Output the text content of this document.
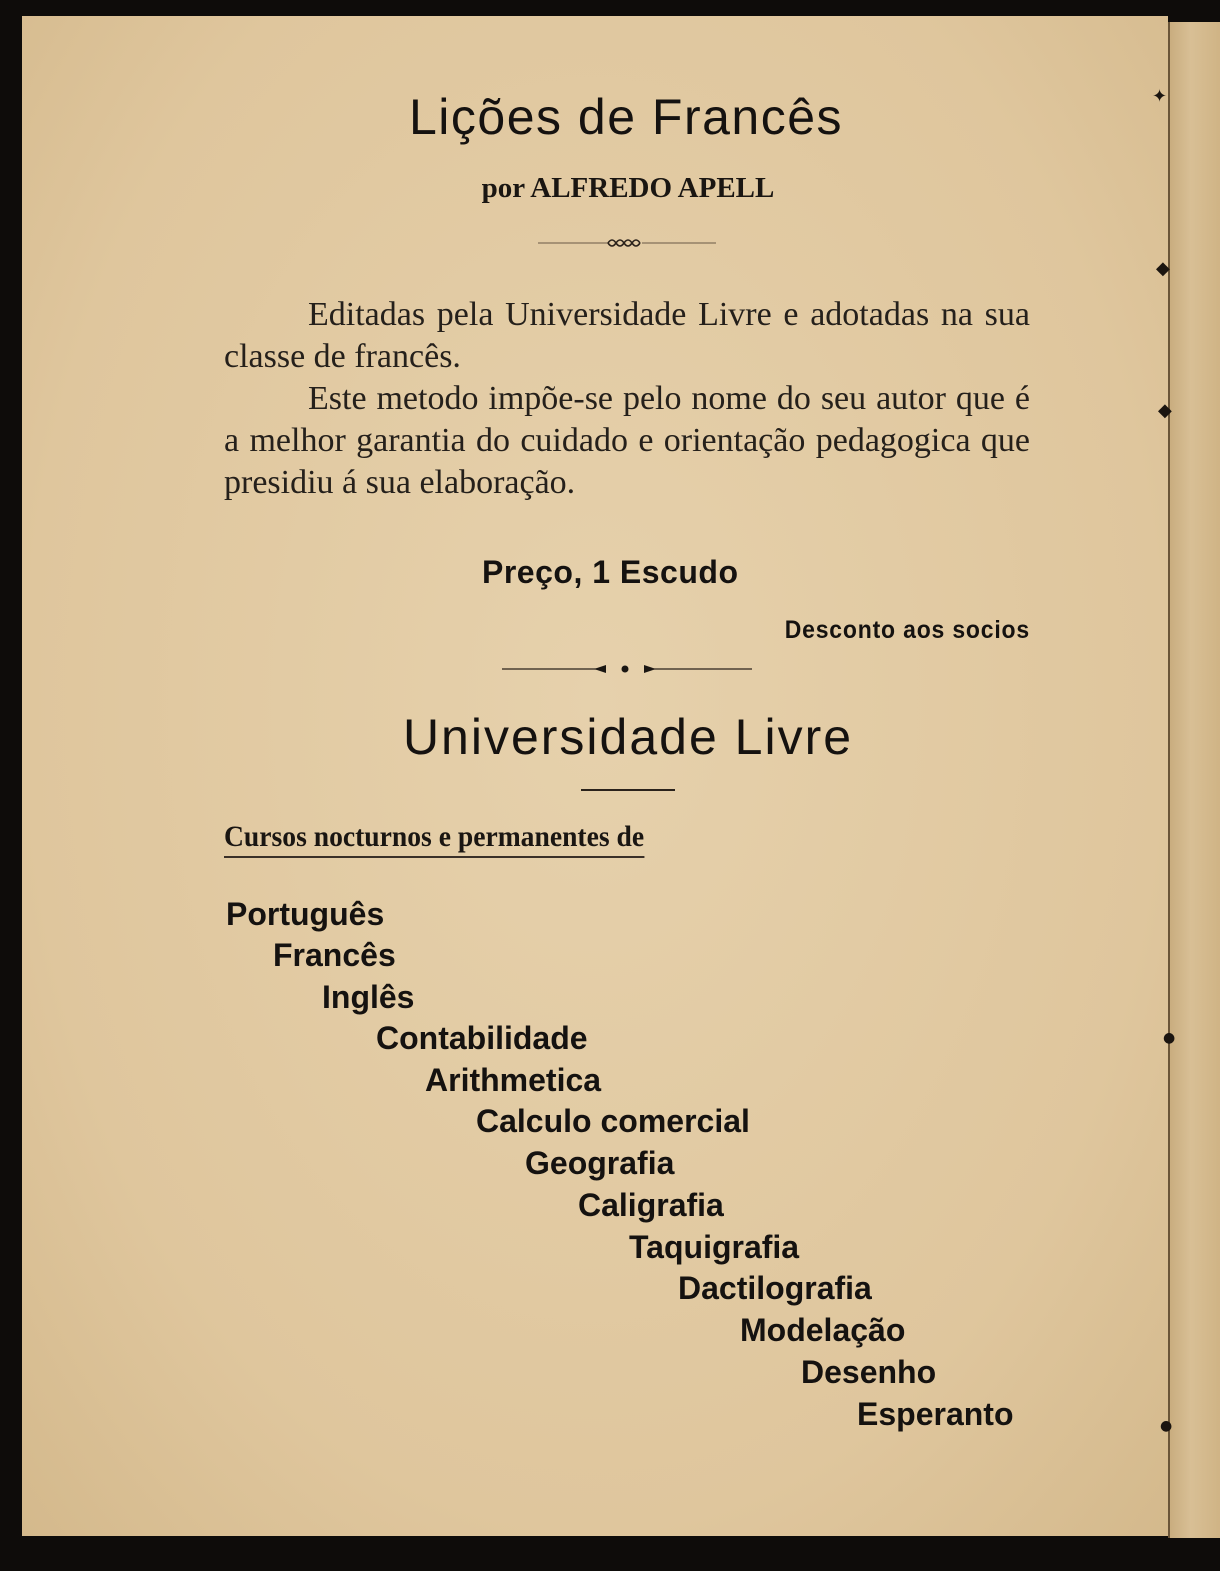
✦
◆
◆
●
●
Lições de Francês
por ALFREDO APELL

Editadas pela Universidade Livre e adotadas na sua classe de francês.

Este metodo impõe-se pelo nome do seu autor que é a melhor garantia do cuidado e orientação pedagogica que presidiu á sua elaboração.

Preço, 1 Escudo
Desconto aos socios
Universidade Livre
Cursos nocturnos e permanentes de
Português
Francês
Inglês
Contabilidade
Arithmetica
Calculo comercial
Geografia
Caligrafia
Taquigrafia
Dactilografia
Modelação
Desenho
Esperanto
